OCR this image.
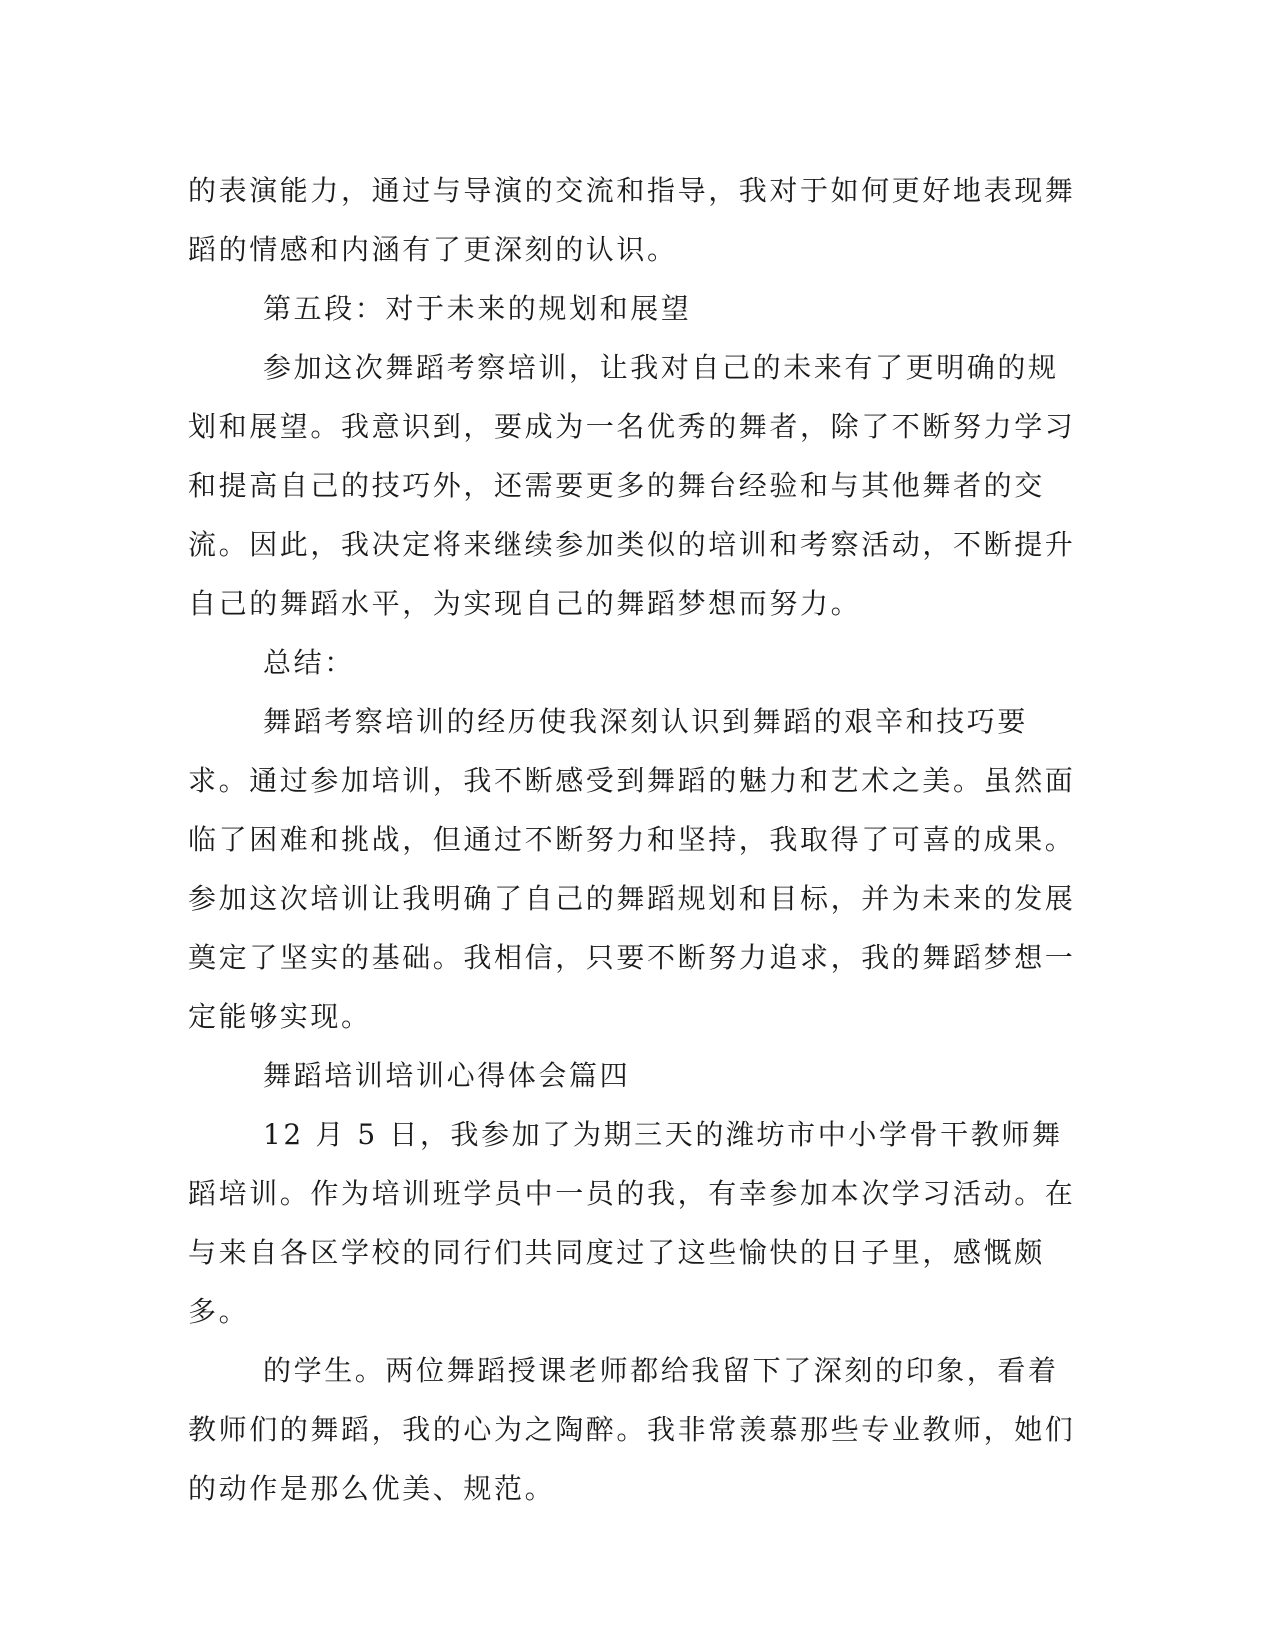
的表演能力，通过与导演的交流和指导，我对于如何更好地表现舞蹈的情感和内涵有了更深刻的认识。

第五段：对于未来的规划和展望

参加这次舞蹈考察培训，让我对自己的未来有了更明确的规划和展望。我意识到，要成为一名优秀的舞者，除了不断努力学习和提高自己的技巧外，还需要更多的舞台经验和与其他舞者的交流。因此，我决定将来继续参加类似的培训和考察活动，不断提升自己的舞蹈水平，为实现自己的舞蹈梦想而努力。

总结：

舞蹈考察培训的经历使我深刻认识到舞蹈的艰辛和技巧要求。通过参加培训，我不断感受到舞蹈的魅力和艺术之美。虽然面临了困难和挑战，但通过不断努力和坚持，我取得了可喜的成果。参加这次培训让我明确了自己的舞蹈规划和目标，并为未来的发展奠定了坚实的基础。我相信，只要不断努力追求，我的舞蹈梦想一定能够实现。

舞蹈培训培训心得体会篇四

12 月 5 日，我参加了为期三天的潍坊市中小学骨干教师舞蹈培训。作为培训班学员中一员的我，有幸参加本次学习活动。在与来自各区学校的同行们共同度过了这些愉快的日子里，感慨颇多。

的学生。两位舞蹈授课老师都给我留下了深刻的印象，看着教师们的舞蹈，我的心为之陶醉。我非常羡慕那些专业教师，她们的动作是那么优美、规范。
